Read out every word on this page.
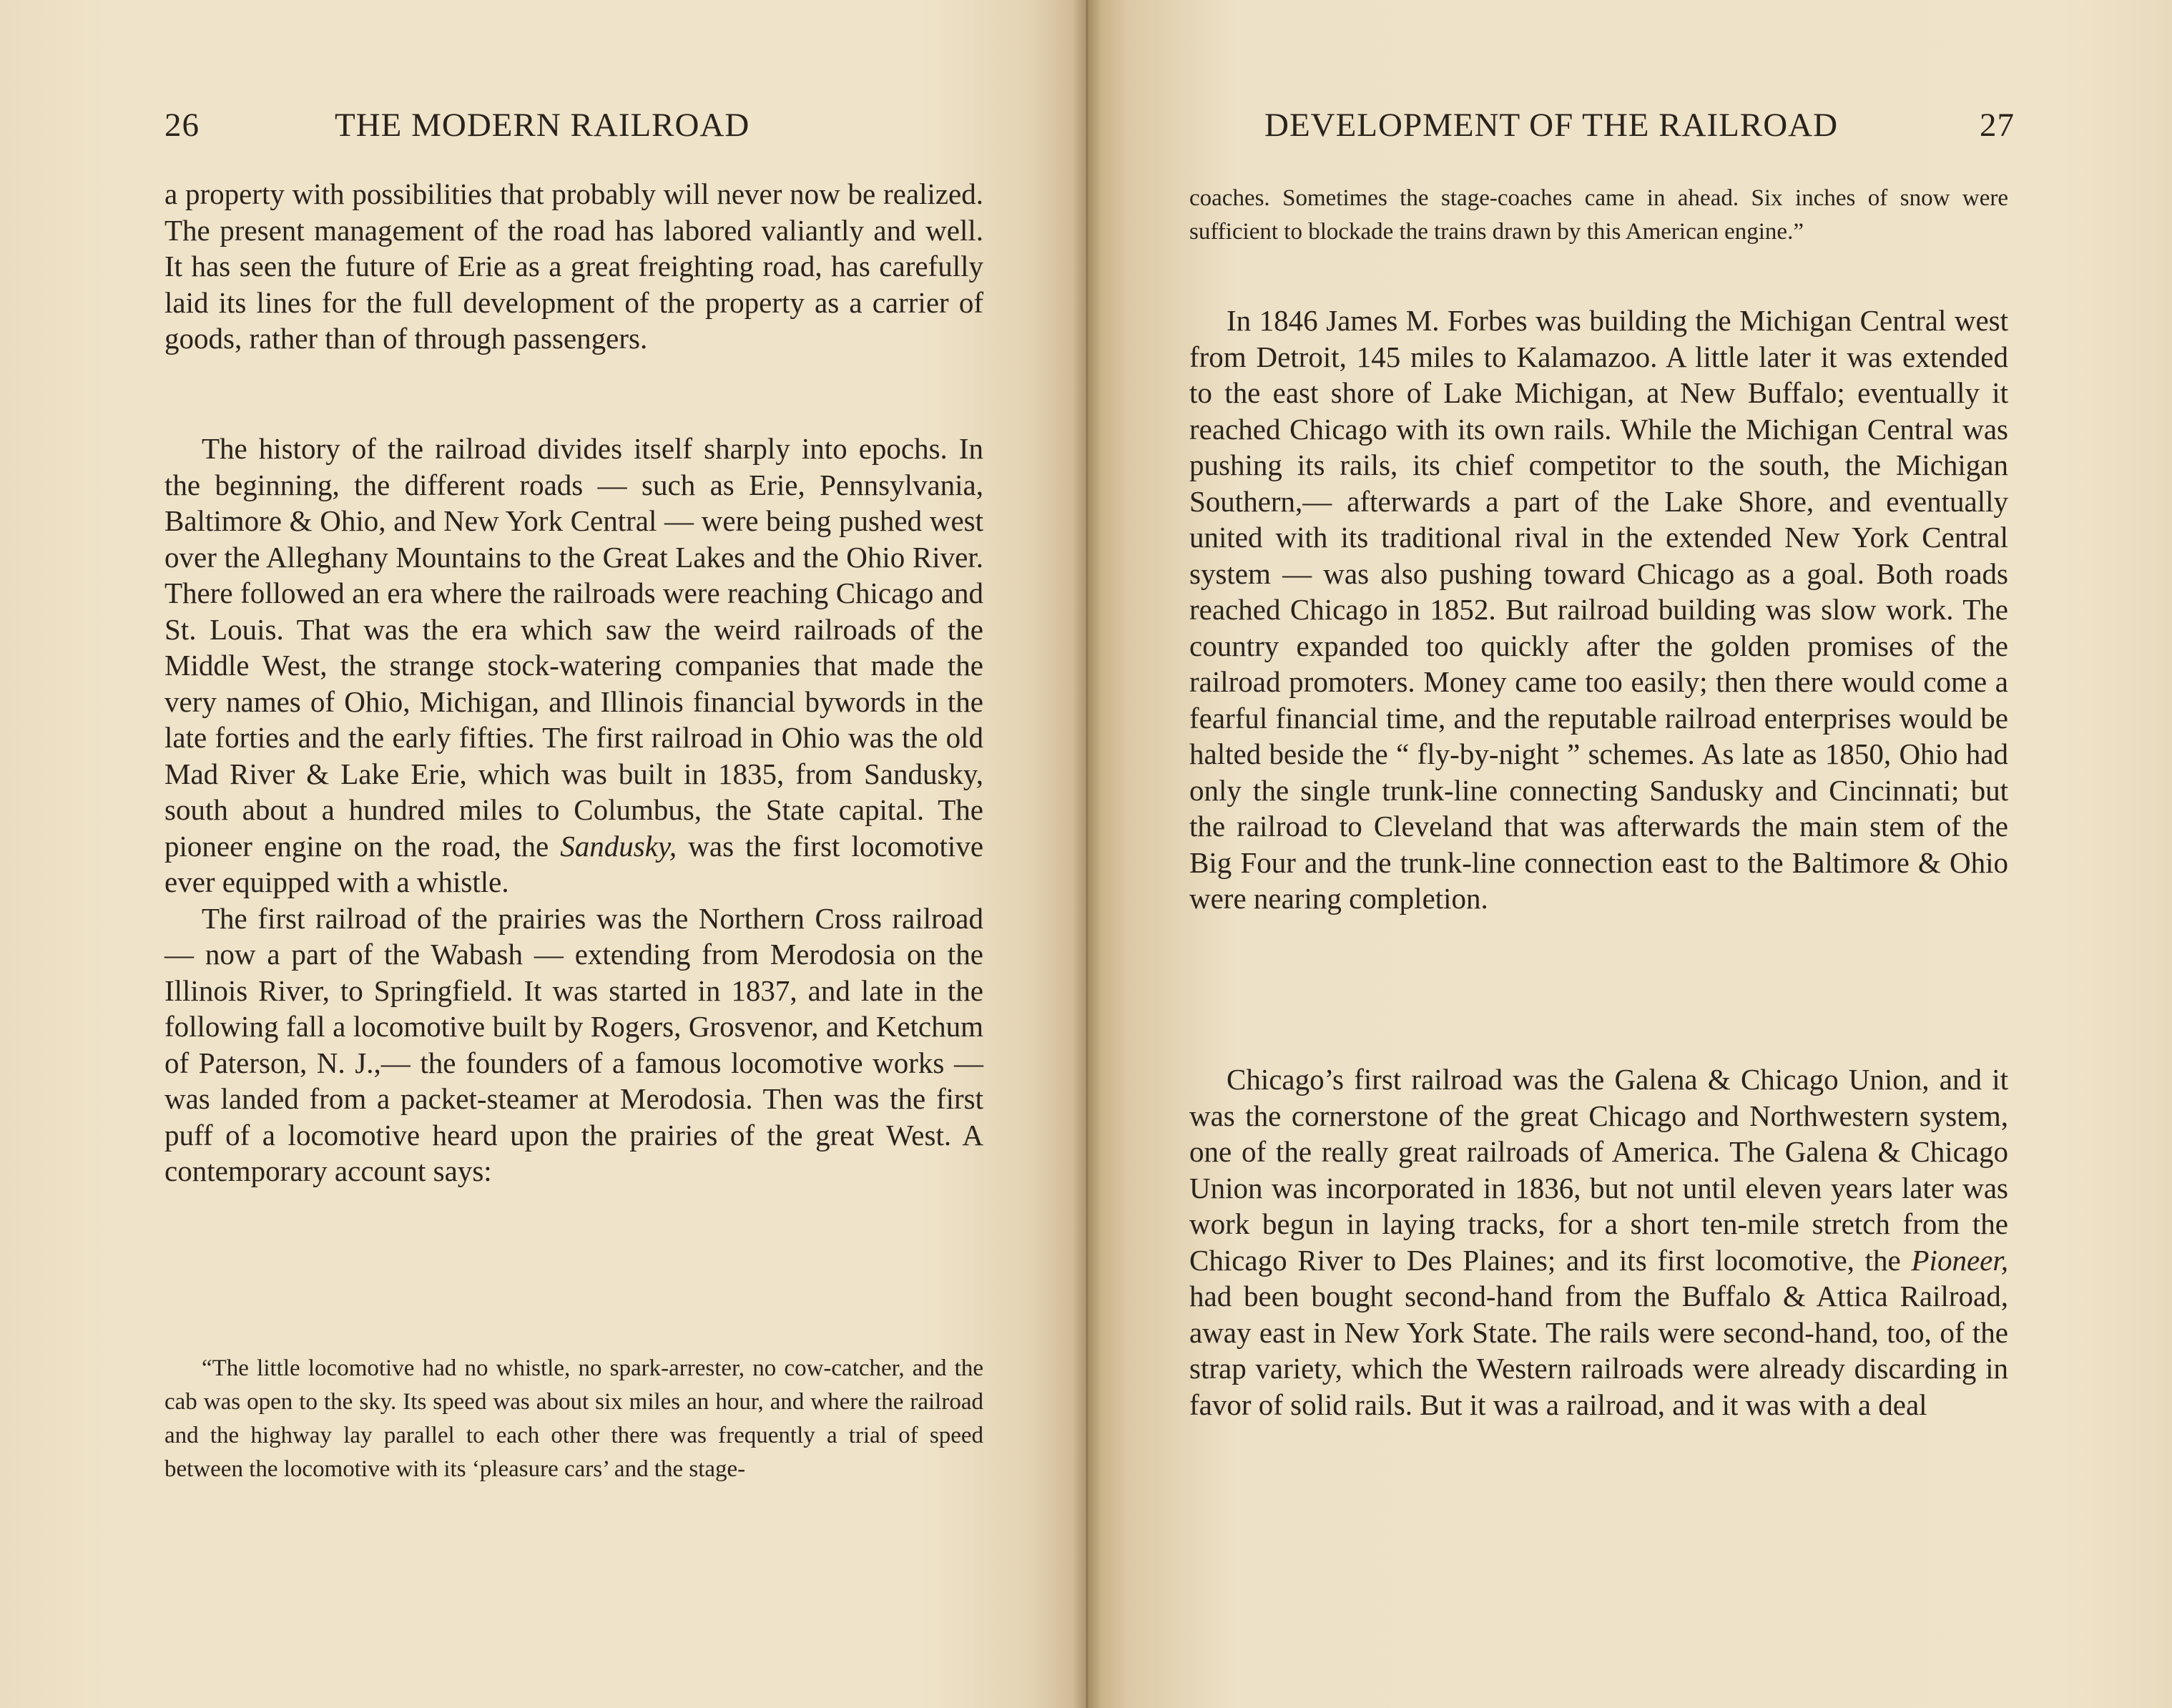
26	THE MODERN RAILROAD

a property with possibilities that probably will never now be realized. The present management of the road has labored valiantly and well. It has seen the future of Erie as a great freighting road, has carefully laid its lines for the full development of the property as a carrier of goods, rather than of through passengers.

The history of the railroad divides itself sharply into epochs. In the beginning, the different roads — such as Erie, Pennsylvania, Baltimore & Ohio, and New York Central — were being pushed west over the Alleghany Mountains to the Great Lakes and the Ohio River. There followed an era where the railroads were reaching Chicago and St. Louis. That was the era which saw the weird railroads of the Middle West, the strange stock-watering companies that made the very names of Ohio, Michigan, and Illinois financial bywords in the late forties and the early fifties. The first railroad in Ohio was the old Mad River & Lake Erie, which was built in 1835, from Sandusky, south about a hundred miles to Columbus, the State capital. The pioneer engine on the road, the Sandusky, was the first locomotive ever equipped with a whistle.

The first railroad of the prairies was the Northern Cross railroad — now a part of the Wabash — extending from Merodosia on the Illinois River, to Springfield. It was started in 1837, and late in the following fall a locomotive built by Rogers, Grosvenor, and Ketchum of Paterson, N. J.,— the founders of a famous locomotive works — was landed from a packet-steamer at Merodosia. Then was the first puff of a locomotive heard upon the prairies of the great West. A contemporary account says:

“The little locomotive had no whistle, no spark-arrester, no cow-catcher, and the cab was open to the sky. Its speed was about six miles an hour, and where the railroad and the highway lay parallel to each other there was frequently a trial of speed between the locomotive with its ‘pleasure cars’ and the stage-

DEVELOPMENT OF THE RAILROAD	27

coaches. Sometimes the stage-coaches came in ahead. Six inches of snow were sufficient to blockade the trains drawn by this American engine.”

In 1846 James M. Forbes was building the Michigan Central west from Detroit, 145 miles to Kalamazoo. A little later it was extended to the east shore of Lake Michigan, at New Buffalo; eventually it reached Chicago with its own rails. While the Michigan Central was pushing its rails, its chief competitor to the south, the Michigan Southern,— afterwards a part of the Lake Shore, and eventually united with its traditional rival in the extended New York Central system — was also pushing toward Chicago as a goal. Both roads reached Chicago in 1852. But railroad building was slow work. The country expanded too quickly after the golden promises of the railroad promoters. Money came too easily; then there would come a fearful financial time, and the reputable railroad enterprises would be halted beside the “ fly-by-night ” schemes. As late as 1850, Ohio had only the single trunk-line connecting Sandusky and Cincinnati; but the railroad to Cleveland that was afterwards the main stem of the Big Four and the trunk-line connection east to the Baltimore & Ohio were nearing completion.

Chicago’s first railroad was the Galena & Chicago Union, and it was the cornerstone of the great Chicago and Northwestern system, one of the really great railroads of America. The Galena & Chicago Union was incorporated in 1836, but not until eleven years later was work begun in laying tracks, for a short ten-mile stretch from the Chicago River to Des Plaines; and its first locomotive, the Pioneer, had been bought second-hand from the Buffalo & Attica Railroad, away east in New York State. The rails were second-hand, too, of the strap variety, which the Western railroads were already discarding in favor of solid rails. But it was a railroad, and it was with a deal
